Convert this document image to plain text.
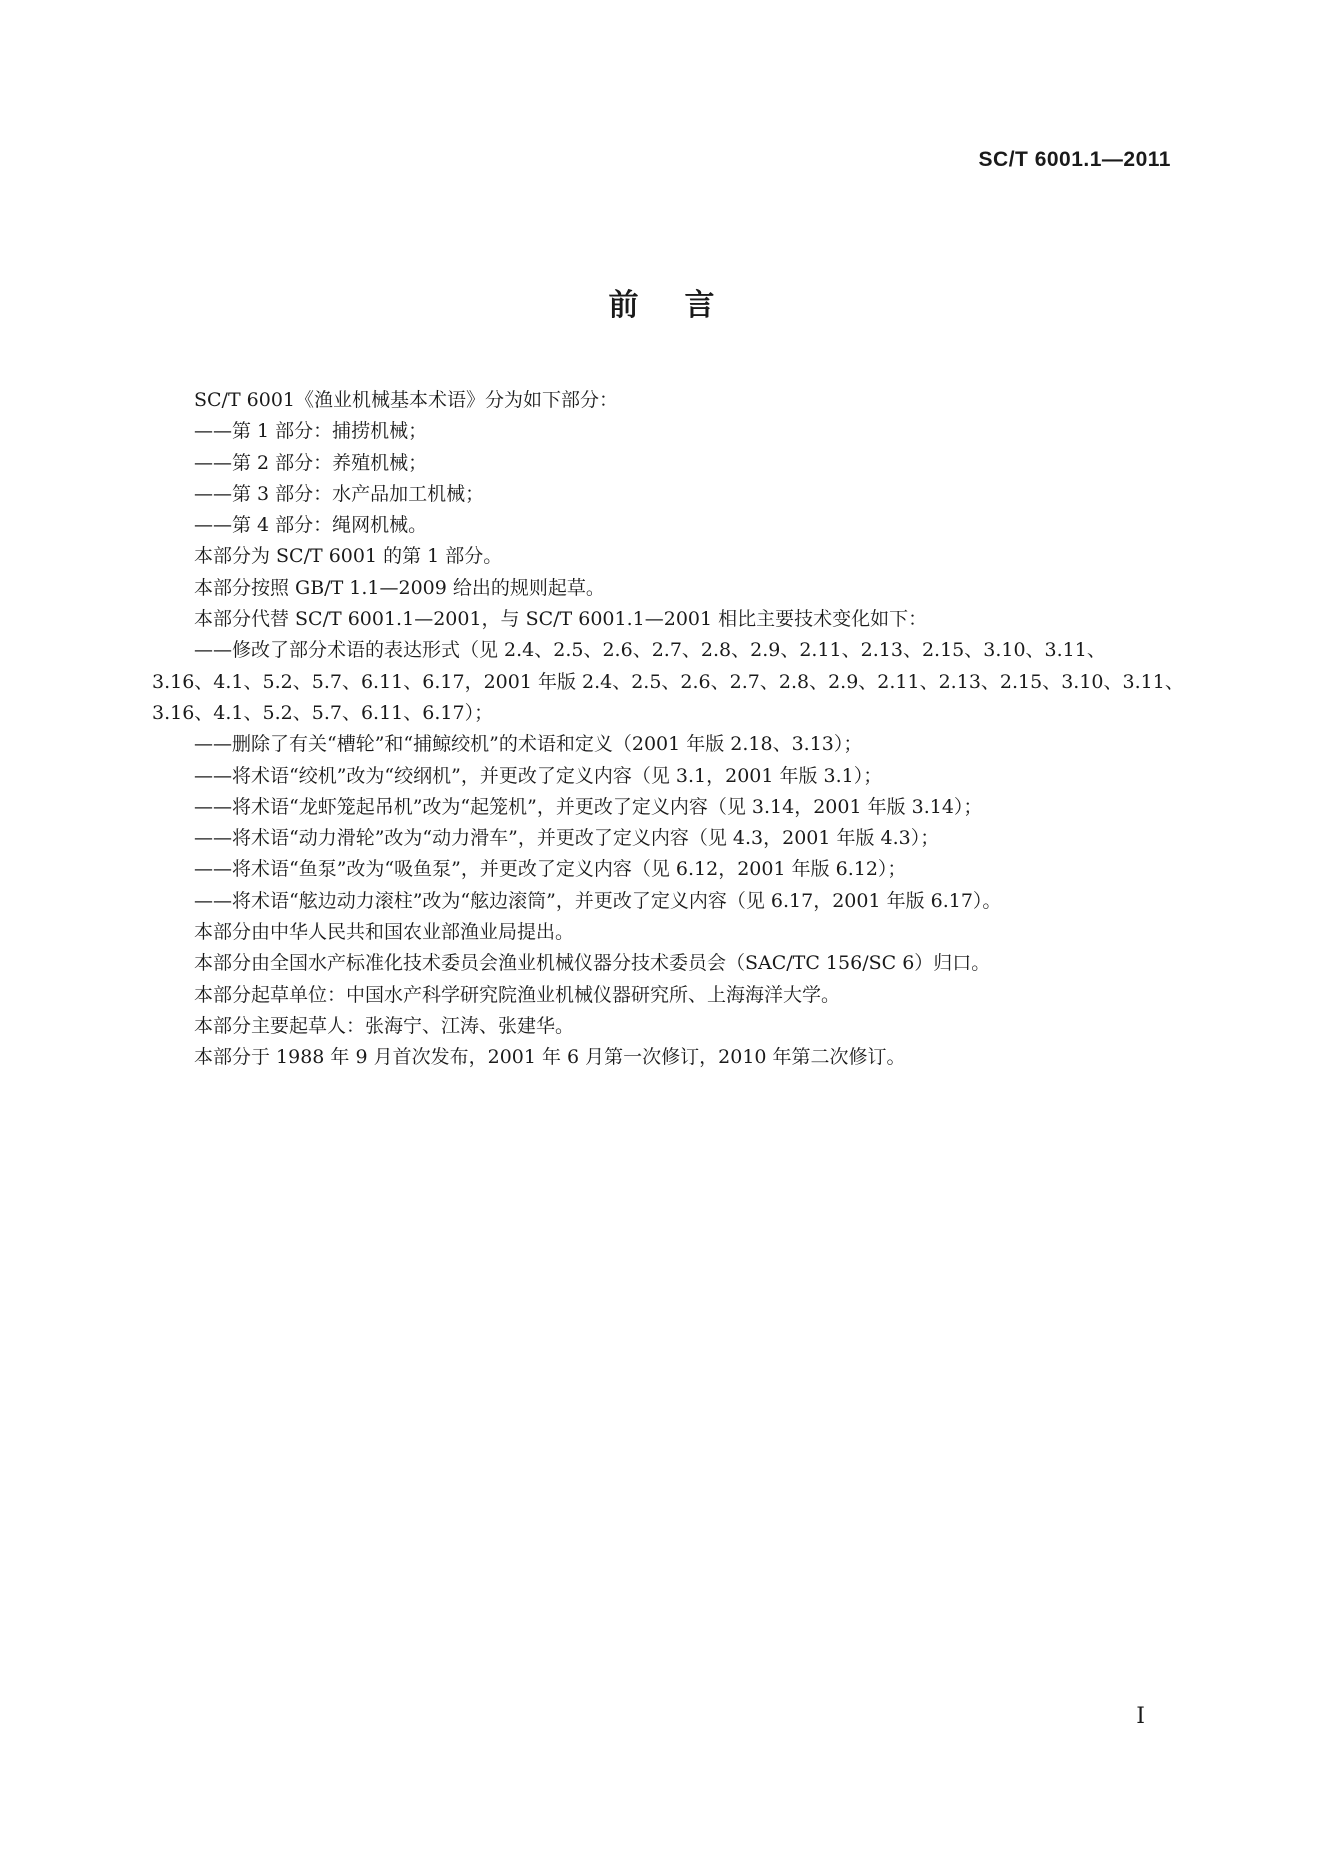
SC/T 6001.1—2011
前言

SC/T 6001《渔业机械基本术语》分为如下部分：

——第 1 部分：捕捞机械；

——第 2 部分：养殖机械；

——第 3 部分：水产品加工机械；

——第 4 部分：绳网机械。

本部分为 SC/T 6001 的第 1 部分。

本部分按照 GB/T 1.1—2009 给出的规则起草。

本部分代替 SC/T 6001.1—2001，与 SC/T 6001.1—2001 相比主要技术变化如下：

——修改了部分术语的表达形式（见 2.4、2.5、2.6、2.7、2.8、2.9、2.11、2.13、2.15、3.10、3.11、

3.16、4.1、5.2、5.7、6.11、6.17，2001 年版 2.4、2.5、2.6、2.7、2.8、2.9、2.11、2.13、2.15、3.10、3.11、

3.16、4.1、5.2、5.7、6.11、6.17）；

——删除了有关“槽轮”和“捕鲸绞机”的术语和定义（2001 年版 2.18、3.13）；

——将术语“绞机”改为“绞纲机”，并更改了定义内容（见 3.1，2001 年版 3.1）；

——将术语“龙虾笼起吊机”改为“起笼机”，并更改了定义内容（见 3.14，2001 年版 3.14）；

——将术语“动力滑轮”改为“动力滑车”，并更改了定义内容（见 4.3，2001 年版 4.3）；

——将术语“鱼泵”改为“吸鱼泵”，并更改了定义内容（见 6.12，2001 年版 6.12）；

——将术语“舷边动力滚柱”改为“舷边滚筒”，并更改了定义内容（见 6.17，2001 年版 6.17）。

本部分由中华人民共和国农业部渔业局提出。

本部分由全国水产标准化技术委员会渔业机械仪器分技术委员会（SAC/TC 156/SC 6）归口。

本部分起草单位：中国水产科学研究院渔业机械仪器研究所、上海海洋大学。

本部分主要起草人：张海宁、江涛、张建华。

本部分于 1988 年 9 月首次发布，2001 年 6 月第一次修订，2010 年第二次修订。

I
